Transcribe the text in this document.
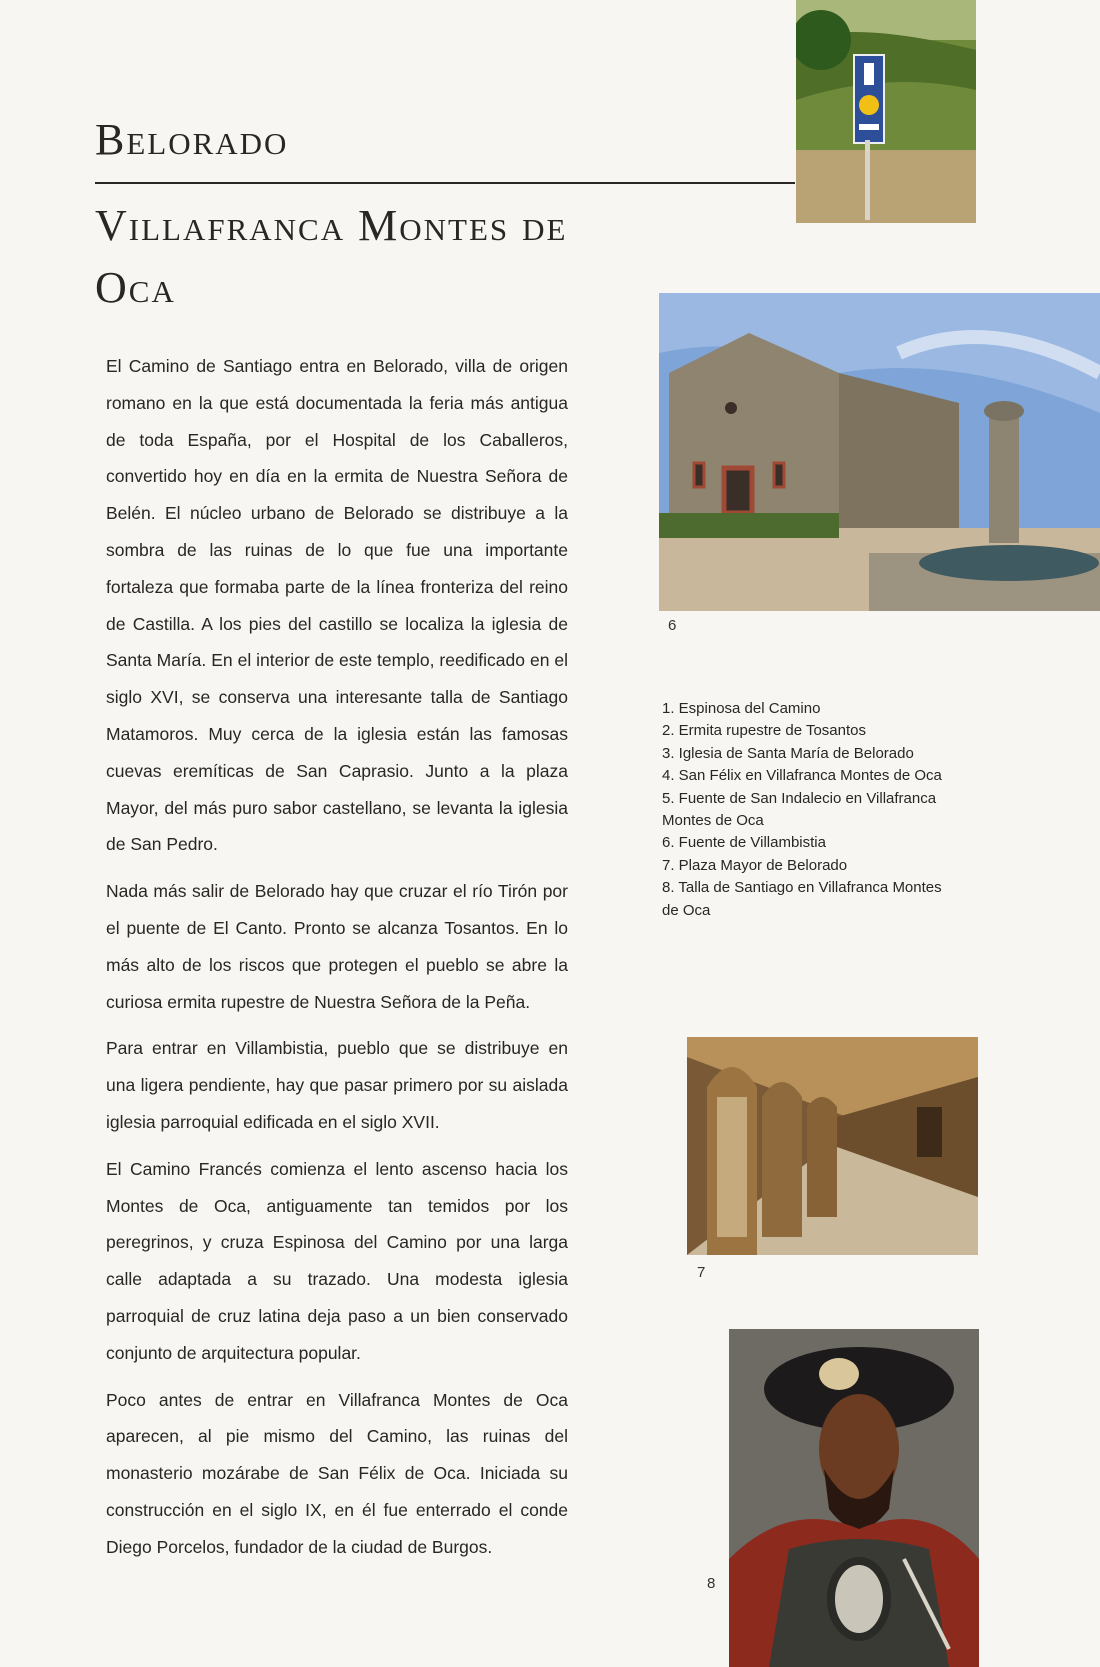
Belorado
Villafranca Montes de Oca
6
1. Espinosa del Camino
2. Ermita rupestre de Tosantos
3. Iglesia de Santa María de Belorado
4. San Félix en Villafranca Montes de Oca
5. Fuente de San Indalecio en Villafranca Montes de Oca
6. Fuente de Villambistia
7. Plaza Mayor de Belorado
8. Talla de Santiago en Villafranca Montes de Oca
7
8

El Camino de Santiago entra en Belorado, villa de origen romano en la que está documentada la feria más antigua de toda España, por el Hospital de los Caballeros, convertido hoy en día en la ermita de Nuestra Señora de Belén. El núcleo urbano de Belorado se distribuye a la sombra de las ruinas de lo que fue una importante fortaleza que formaba parte de la línea fronteriza del reino de Castilla. A los pies del castillo se localiza la iglesia de Santa María. En el interior de este templo, reedificado en el siglo XVI, se conserva una interesante talla de Santiago Matamoros. Muy cerca de la iglesia están las famosas cuevas eremíticas de San Caprasio. Junto a la plaza Mayor, del más puro sabor castellano, se levanta la iglesia de San Pedro.

Nada más salir de Belorado hay que cruzar el río Tirón por el puente de El Canto. Pronto se alcanza Tosantos. En lo más alto de los riscos que protegen el pueblo se abre la curiosa ermita rupestre de Nuestra Señora de la Peña.

Para entrar en Villambistia, pueblo que se distribuye en una ligera pendiente, hay que pasar primero por su aislada iglesia parroquial edificada en el siglo XVII.

El Camino Francés comienza el lento ascenso hacia los Montes de Oca, antiguamente tan temidos por los peregrinos, y cruza Espinosa del Camino por una larga calle adaptada a su trazado. Una modesta iglesia parroquial de cruz latina deja paso a un bien conservado conjunto de arquitectura popular.

Poco antes de entrar en Villafranca Montes de Oca aparecen, al pie mismo del Camino, las ruinas del monasterio mozárabe de San Félix de Oca. Iniciada su construcción en el siglo IX, en él fue enterrado el conde Diego Porcelos, fundador de la ciudad de Burgos.
